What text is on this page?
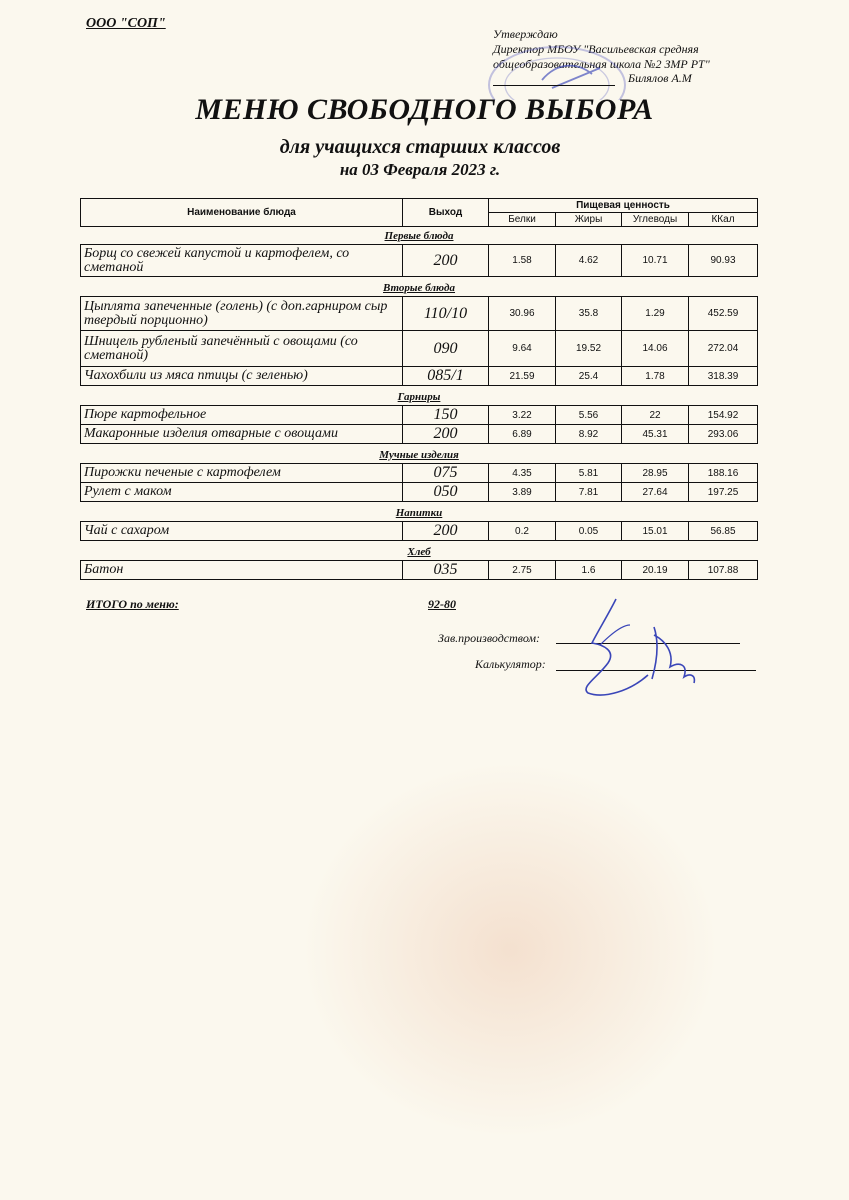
ООО "СОП"
Утверждаю
Директор МБОУ "Васильевская средняя
общеобразовательная школа №2 ЗМР РТ"
Билялов А.М
МЕНЮ СВОБОДНОГО ВЫБОРА
для учащихся старших классов
на 03 Февраля 2023 г.
Наименование блюда	Выход	Пищевая ценность			
		Белки	Жиры	Углеводы	ККал
Первые блюда					
Борщ со свежей капустой и картофелем, со сметаной	200	1.58	4.62	10.71	90.93

Вторые блюда					
Цыплята запеченные (голень) (с доп.гарниром сыр твердый порционно)	110/10	30.96	35.8	1.29	452.59
Шницель рубленый запечённый с овощами (со сметаной)	090	9.64	19.52	14.06	272.04
Чахохбили из мяса птицы (с зеленью)	085/1	21.59	25.4	1.78	318.39

Гарниры					
Пюре картофельное	150	3.22	5.56	22	154.92
Макаронные изделия отварные с овощами	200	6.89	8.92	45.31	293.06

Мучные изделия					
Пирожки печеные с картофелем	075	4.35	5.81	28.95	188.16
Рулет с маком	050	3.89	7.81	27.64	197.25

Напитки					
Чай с сахаром	200	0.2	0.05	15.01	56.85

Хлеб					
Батон	035	2.75	1.6	20.19	107.88
ИТОГО по меню:	92-80
Зав.производством:
Калькулятор:
